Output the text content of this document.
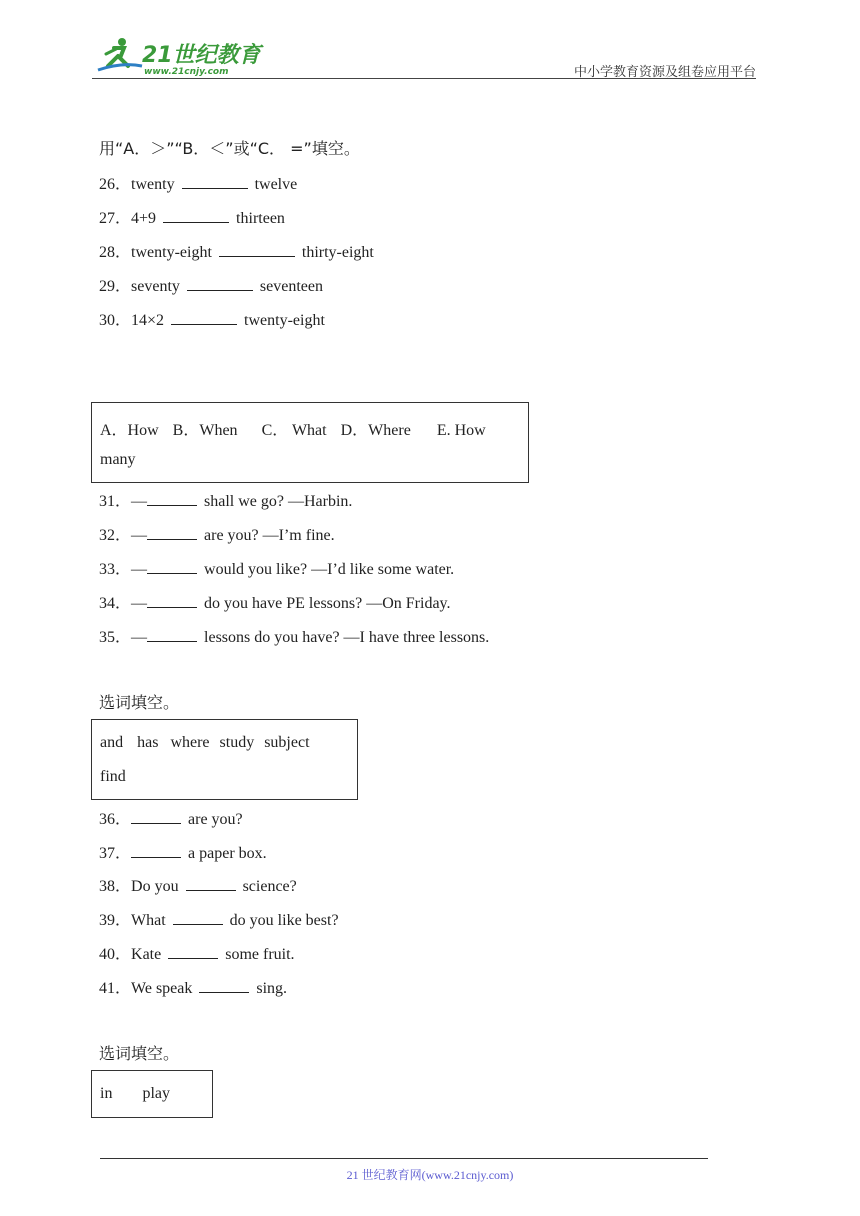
21世纪教育
www.21cnjy.com	中小学教育资源及组卷应用平台
用“A．＞”“B．＜”或“C． =”填空。
26．twenty	twelve
27．4+9	thirteen
28．twenty-eight	thirty-eight
29．seventy	seventeen
30．14×2	twenty-eight
A．How B．When C． What D．Where E. How
many
31．—	shall we go? —Harbin.
32．—	are you? —I’m fine.
33．—	would you like? —I’d like some water.
34．—	do you have PE lessons? —On Friday.
35．—	lessons do you have? —I have three lessons.
选词填空。
and has where study subject
find
36．	are you?
37．	a paper box.
38．Do you	science?
39．What	do you like best?
40．Kate	some fruit.
41．We speak	sing.
选词填空。
in play
21 世纪教育网(www.21cnjy.com)
